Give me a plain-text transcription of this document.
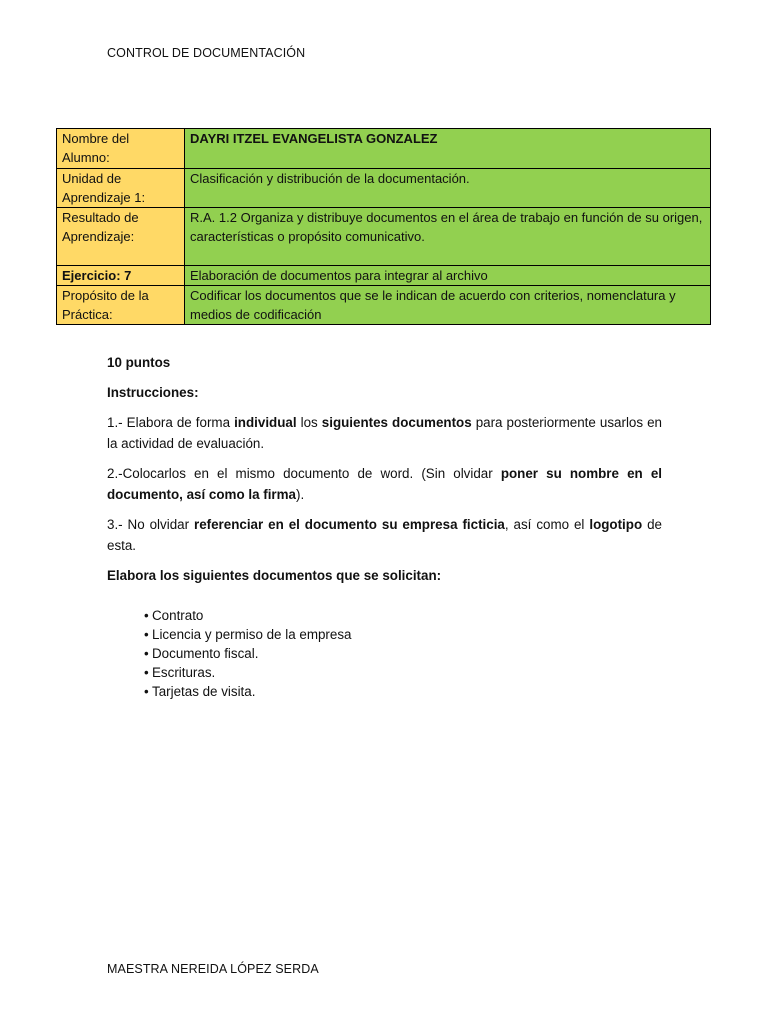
CONTROL DE DOCUMENTACIÓN
Nombre del Alumno:	DAYRI ITZEL EVANGELISTA GONZALEZ
Unidad de Aprendizaje 1:	Clasificación y distribución de la documentación.
Resultado de Aprendizaje:	R.A. 1.2 Organiza y distribuye documentos en el área de trabajo en función de su origen, características o propósito comunicativo.
Ejercicio: 7	Elaboración de documentos para integrar al archivo
Propósito de la Práctica:	Codificar los documentos que se le indican de acuerdo con criterios, nomenclatura y medios de codificación

10 puntos

Instrucciones:

1.- Elabora de forma individual los siguientes documentos para posteriormente usarlos en la actividad de evaluación.

2.-Colocarlos en el mismo documento de word. (Sin olvidar poner su nombre en el documento, así como la firma).

3.- No olvidar referenciar en el documento su empresa ficticia, así como el logotipo de esta.

Elabora los siguientes documentos que se solicitan:

• Contrato
• Licencia y permiso de la empresa
• Documento fiscal.
• Escrituras.
• Tarjetas de visita.
MAESTRA NEREIDA LÓPEZ SERDA
